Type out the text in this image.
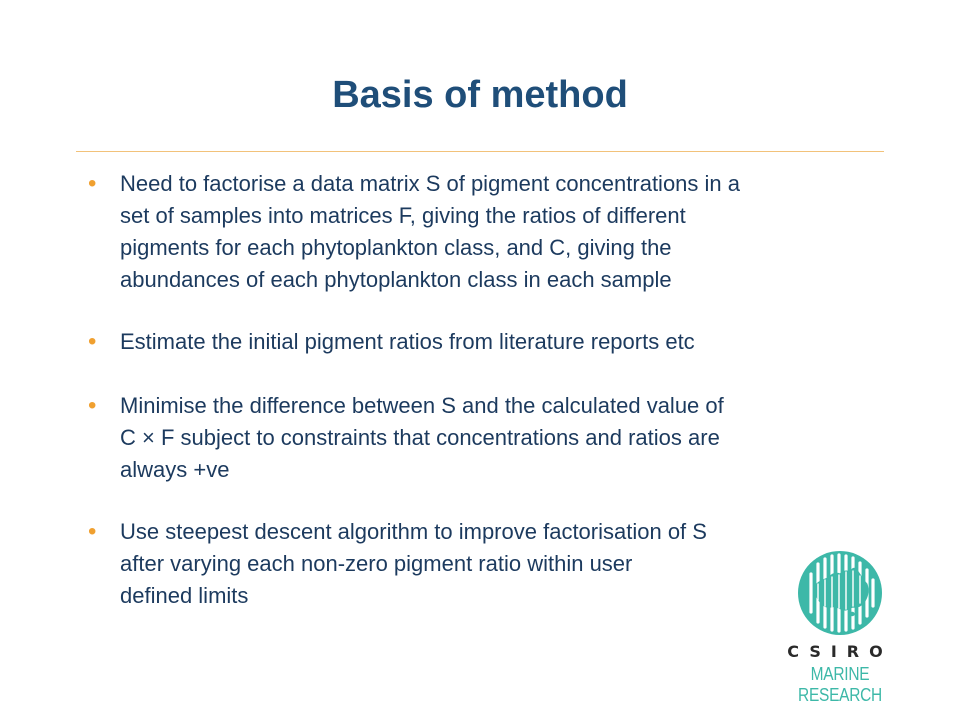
Basis of method
• Need to factorise a data matrix S of pigment concentrations in a
set of samples into matrices F, giving the ratios of different
pigments for each phytoplankton class, and C, giving the
abundances of each phytoplankton class in each sample
• Estimate the initial pigment ratios from literature reports etc
• Minimise the difference between S and the calculated value of
C × F subject to constraints that concentrations and ratios are
always +ve
• Use steepest descent algorithm to improve factorisation of S
after varying each non-zero pigment ratio within user
defined limits
CSIRO
MARINE RESEARCH
